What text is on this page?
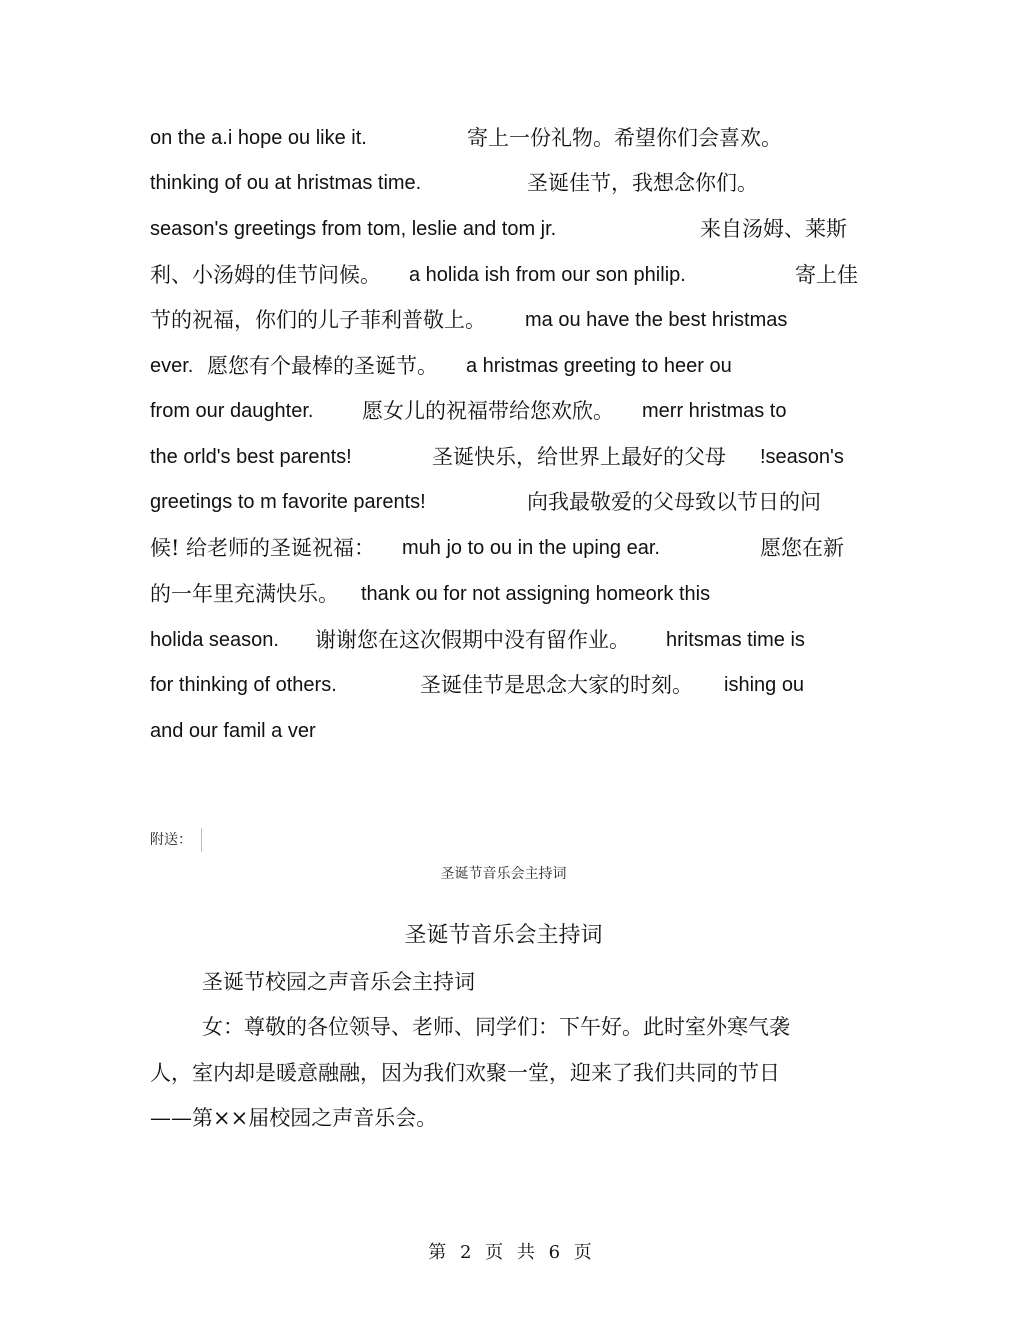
on the a.i hope ou like it.	寄上一份礼物。希望你们会喜欢。
thinking of ou at hristmas time.	圣诞佳节，我想念你们。
season's greetings from tom, leslie and tom jr.	来自汤姆、莱斯
利、小汤姆的佳节问候。 a holida ish from our son philip.	寄上佳
节的祝福，你们的儿子菲利普敬上。 ma ou have the best hristmas
ever. 愿您有个最棒的圣诞节。 a hristmas greeting to heer ou
from our daughter. 愿女儿的祝福带给您欢欣。 merr hristmas to
the orld's best parents!	圣诞快乐，给世界上最好的父母 !season's
greetings to m favorite parents!	向我最敬爱的父母致以节日的问
候! 给老师的圣诞祝福： muh jo to ou in the uping ear.	愿您在新
的一年里充满快乐。 thank ou for not assigning homeork this
holida season. 谢谢您在这次假期中没有留作业。 hritsmas time is
for thinking of others.	圣诞佳节是思念大家的时刻。 ishing ou
and our famil a ver
附送：
圣诞节音乐会主持词
圣诞节音乐会主持词
圣诞节校园之声音乐会主持词
女：尊敬的各位领导、老师、同学们：下午好。此时室外寒气袭
人，室内却是暖意融融，因为我们欢聚一堂，迎来了我们共同的节日
——第××届校园之声音乐会。
第 2 页 共 6 页
